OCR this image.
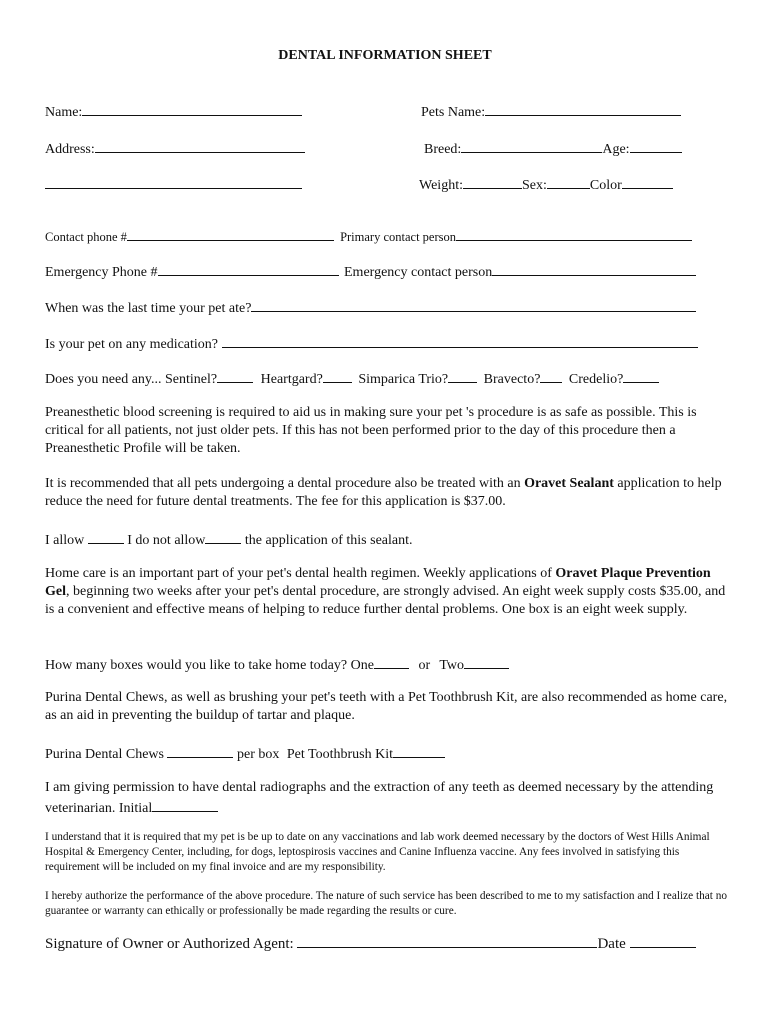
DENTAL INFORMATION SHEET
Name:	Pets Name:
Address:	Breed:	Age:
Weight:	Sex:	Color
Contact phone #	Primary contact person
Emergency Phone #	Emergency contact person
When was the last time your pet ate?
Is your pet on any medication?
Does you need any... Sentinel?	Heartgard?	Simparica Trio?	Bravecto? Credelio?
Preanesthetic blood screening is required to aid us in making sure your pet 's procedure is as safe as possible. This is critical for all patients, not just older pets. If this has not been performed prior to the day of this procedure then a Preanesthetic Profile will be taken.
It is recommended that all pets undergoing a dental procedure also be treated with an Oravet Sealant application to help reduce the need for future dental treatments. The fee for this application is $37.00.
I allow	I do not allow	the application of this sealant.
Home care is an important part of your pet's dental health regimen. Weekly applications of Oravet Plaque Prevention Gel, beginning two weeks after your pet's dental procedure, are strongly advised. An eight week supply costs $35.00, and is a convenient and effective means of helping to reduce further dental problems. One box is an eight week supply.
How many boxes would you like to take home today? One	or Two
Purina Dental Chews, as well as brushing your pet's teeth with a Pet Toothbrush Kit, are also recommended as home care, as an aid in preventing the buildup of tartar and plaque.
Purina Dental Chews	per box Pet Toothbrush Kit
I am giving permission to have dental radiographs and the extraction of any teeth as deemed necessary by the attending veterinarian. Initial
I understand that it is required that my pet is be up to date on any vaccinations and lab work deemed necessary by the doctors of West Hills Animal Hospital & Emergency Center, including, for dogs, leptospirosis vaccines and Canine Influenza vaccine. Any fees involved in satisfying this requirement will be included on my final invoice and are my responsibility.
I hereby authorize the performance of the above procedure. The nature of such service has been described to me to my satisfaction and I realize that no guarantee or warranty can ethically or professionally be made regarding the results or cure.
Signature of Owner or Authorized Agent:	Date
